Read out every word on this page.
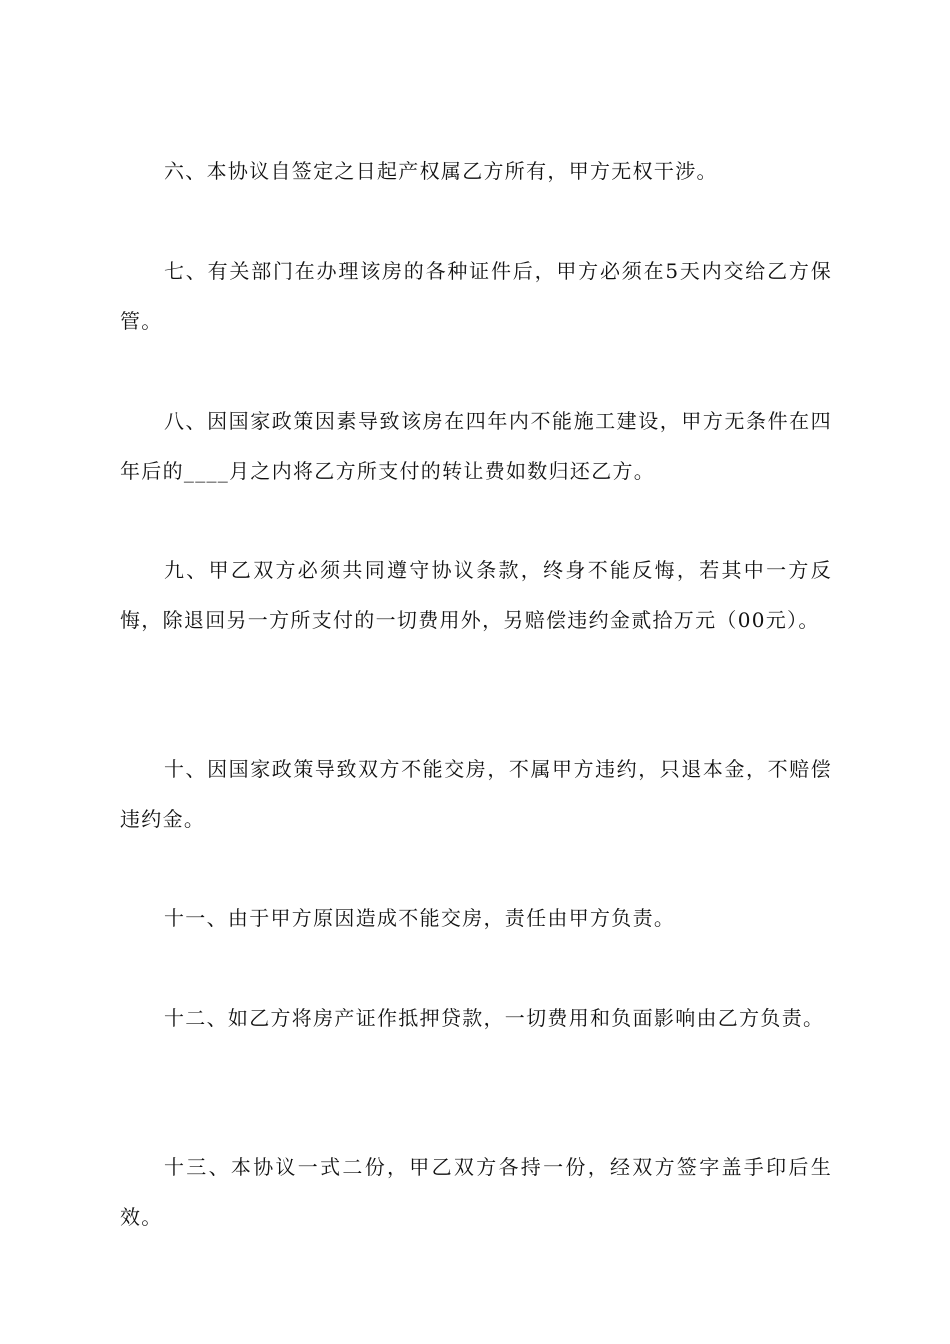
六、本协议自签定之日起产权属乙方所有，甲方无权干涉。

七、有关部门在办理该房的各种证件后，甲方必须在5天内交给乙方保管。

八、因国家政策因素导致该房在四年内不能施工建设，甲方无条件在四年后的____月之内将乙方所支付的转让费如数归还乙方。

九、甲乙双方必须共同遵守协议条款，终身不能反悔，若其中一方反悔，除退回另一方所支付的一切费用外，另赔偿违约金贰拾万元（00元）。

十、因国家政策导致双方不能交房，不属甲方违约，只退本金，不赔偿违约金。

十一、由于甲方原因造成不能交房，责任由甲方负责。

十二、如乙方将房产证作抵押贷款，一切费用和负面影响由乙方负责。

十三、本协议一式二份，甲乙双方各持一份，经双方签字盖手印后生效。
